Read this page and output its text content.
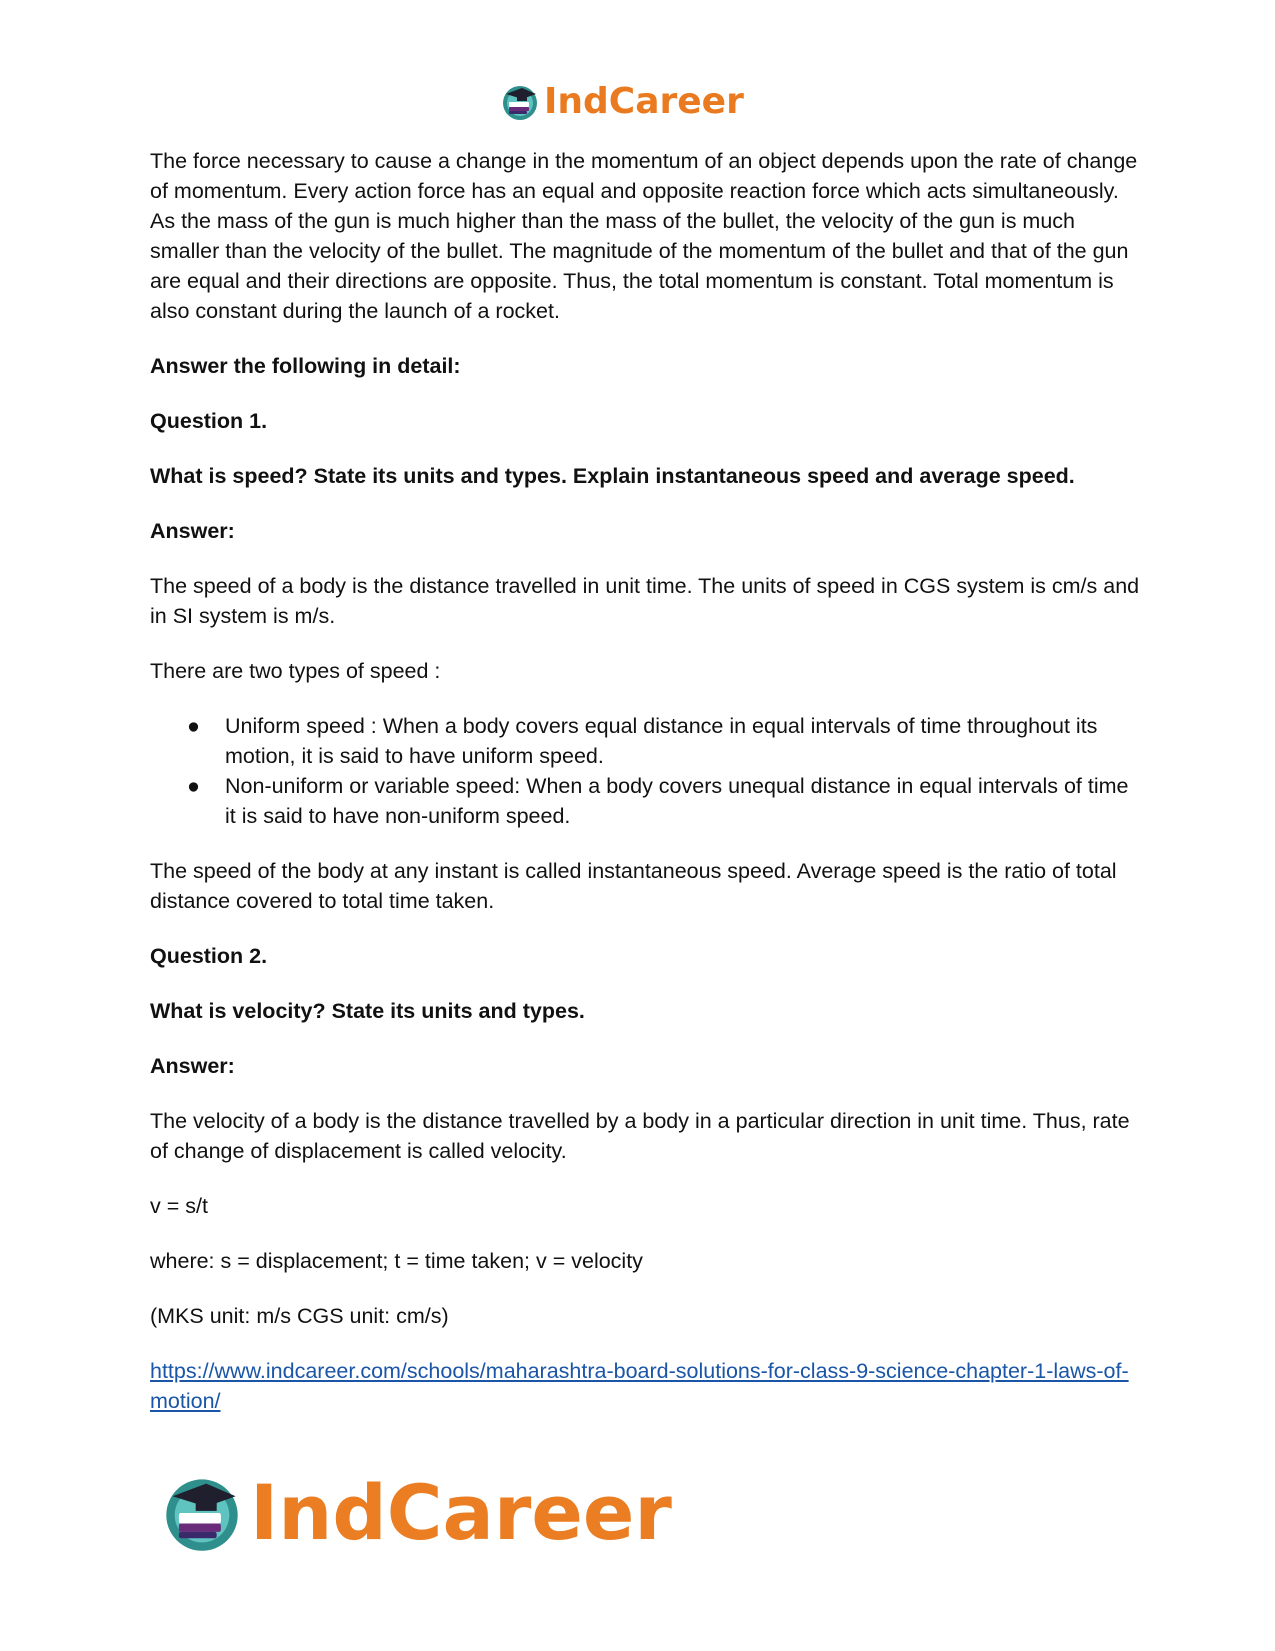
IndCareer

The force necessary to cause a change in the momentum of an object depends upon the rate of change of momentum. Every action force has an equal and opposite reaction force which acts simultaneously. As the mass of the gun is much higher than the mass of the bullet, the velocity of the gun is much smaller than the velocity of the bullet. The magnitude of the momentum of the bullet and that of the gun are equal and their directions are opposite. Thus, the total momentum is constant. Total momentum is also constant during the launch of a rocket.

Answer the following in detail:

Question 1.

What is speed? State its units and types. Explain instantaneous speed and average speed.

Answer:

The speed of a body is the distance travelled in unit time. The units of speed in CGS system is cm/s and in SI system is m/s.

There are two types of speed :

● Uniform speed : When a body covers equal distance in equal intervals of time throughout its motion, it is said to have uniform speed.
● Non-uniform or variable speed: When a body covers unequal distance in equal intervals of time it is said to have non-uniform speed.

The speed of the body at any instant is called instantaneous speed. Average speed is the ratio of total distance covered to total time taken.

Question 2.

What is velocity? State its units and types.

Answer:

The velocity of a body is the distance travelled by a body in a particular direction in unit time. Thus, rate of change of displacement is called velocity.

v = s/t

where: s = displacement; t = time taken; v = velocity

(MKS unit: m/s CGS unit: cm/s)

https://www.indcareer.com/schools/maharashtra-board-solutions-for-class-9-science-chapter-1-laws-of-motion/

IndCareer
